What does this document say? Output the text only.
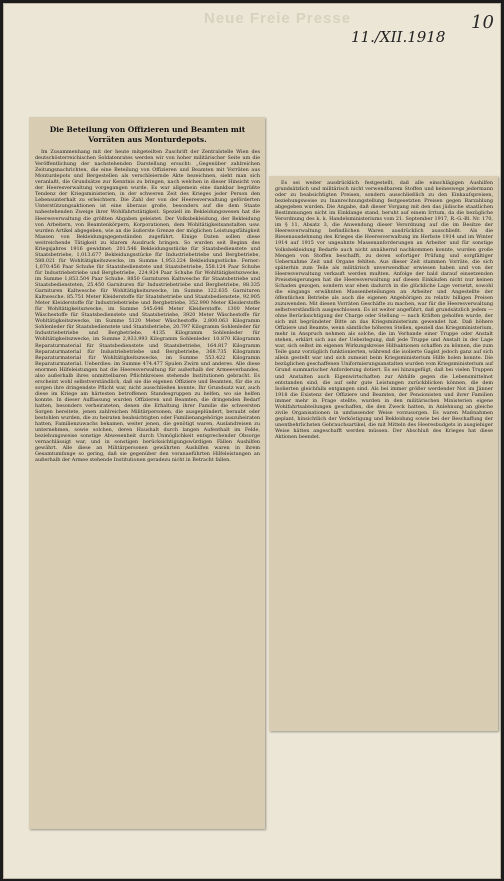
Neue Freie Presse
11./XII.1918
10
Die Beteilung von Offizieren und Beamten mit Vorräten aus Monturdepots.

Im Zusammenhang mit der heute mitgeteilten Zuschrift der Zentralstelle Wien des deutschösterreichischen Soldatenrates werden wir von hoher militärischer Seite um die Veröffentlichung der nachstehenden Darstellung ersucht: „Gegenüber zahlreichen Zeitungsnachrichten, die eine Beteilung von Offizieren und Beamten mit Vorräten aus Monturdepots und Bergestellen als verschleiernde Akte bezeichnen, sieht man sich veranlaßt, die Grundsätze zur Kenntnis zu bringen, nach welchen in dieser Hinsicht von der Heeresverwaltung vorgegangen wurde. Es war allgemein eine dankbar begrüßte Tendenz der Kriegsministerien, in der schweren Zeit des Krieges jeder Person den Lebensunterhalt zu erleichtern. Die Zahl der von der Heeresverwaltung geförderten Unterstützungsaktionen ist eine überaus große, besonders auf die dem Staate nahestehenden Zweige ihrer Wohlfahrtstätigkeit. Speziell im Bekleidungswesen hat die Heeresverwaltung die größten Abgaben geleistet. Der Volksbekleidung, der Bekleidung von Arbeitern, von Beamtenkörpern, Korporationen, dem Wohltätigkeitsanstalten usw. wurden Artikel abgegeben, wie an die äußerste Grenze der möglichen Leistungsfähigkeit Massen von Bekleidungsgegenständen zugeführt. Einige Daten sollen diese weitreichende Tätigkeit zu klarem Ausdruck bringen. So wurden seit Beginn des Kriegsjahres 1916 gewidmet: 201.546 Bekleidungsstücke für Staatsbedienstete und Staatsbetriebe, 1,013.677 Bekleidungsstücke für Industriebetriebe und Bergbetriebe, 588.021 für Wohltätigkeitszwecke, im Summe 1,953.224 Bekleidungsstücke. Ferner: 1,070.456 Paar Schuhe für Staatsbedienstete und Staatsbetriebe, 558.124 Paar Schuhe für Industriebetriebe und Bergbetriebe, 224.924 Paar Schuhe für Wohltätigkeitszwecke, im Summe 1,853.504 Paar Schuhe. 8850 Garnituren Kaltwesche für Staatsbetriebe und Staatsbediensteten, 25.450 Garnituren für Industriebetriebe und Bergbetriebe, 88.335 Garnituren Kaltwesche für Wohltätigkeitszwecke, im Summe 122.635 Garnituren Kaltwesche. 85.751 Meter Kleiderstoffe für Staatsbetriebe und Staatsbedienstete, 92.905 Meter Kleiderstoffe für Industriebetriebe und Bergbetriebe, 352.990 Meter Kleiderstoffe für Wohltätigkeitszwecke, im Summe 545.646 Meter Kleiderstoffe. 1300 Meter Wäschestoffe für Staatsbedienstete und Staatsbetriebe, 3920 Meter Wäschestoffe für Wohltätigkeitszwecke, im Summe 5120 Meter Wäschestoffe. 2,800.063 Kilogramm Sohlenleder für Staatsbedienstete und Staatsbetriebe, 20.797 Kilogramm Sohlenleder für Industriebetriebe und Bergbetriebe, 4135 Kilogramm Sohlenleder für Wohltätigkeitszwecke, im Summe 2,933.993 Kilogramm Sohlenleder. 10.870 Kilogramm Reparaturmaterial für Staatsbedienstete und Staatsbetriebe, 164.817 Kilogramm Reparaturmaterial für Industriebetriebe und Bergbetriebe, 368.735 Kilogramm Reparaturmaterial für Wohltätigkeitszwecke, im Summe 553.422 Kilogramm Reparaturmaterial. Ueberdies: im Summe 474.477 Spulen Zwirn und anderes. Alle diese enormen Hilfeleistungen hat die Heeresverwaltung für außerhalb der Armeeverbandes, also außerhalb ihres unmittelbaren Pflichtkreises stehende Institutionen gebracht. Es erscheint wohl selbstverständlich, daß sie die eigenen Offiziere und Beamten, für die zu sorgen ihre dringendste Pflicht war, nicht ausschließen konnte. Ihr Grundsatz war, auch diese im Kriege am härtesten betroffenen Standesgruppen zu helfen, wo sie helfen konnte. In dieser Auffassung wurden Offizieren und Beamten, die dringenden Bedarf hatten, besonders verheirateten, denen die Erhaltung ihrer Familie die schwersten Sorgen bereitete, jenen zahlreichen Militärpersonen, die ausgeplündert, beraubt oder bestohlen wurden, die zu heiraten beabsichtigten oder Familienangehörige auszuheiraten hatten, Familienzuwachs bekamen, weiter jenen, die genötigt waren, Auslandreisen zu unternehmen, sowie solchen, deren Haushalt durch langen Aufenthalt im Felde, beziehungsweise sonstige Abwesenheit durch Unmöglichkeit entsprechender Obsorge vernachlässigt war, und in sonstigen berücksichtigungswürdigen Fällen Aushilfen gewährt. Alle diese an Militärpersonen gewährten Aushilfen waren in ihrem Gesamtumfange so gering, daß sie gegenüber den voranaeführten Hilfeleistungen an außerhalb der Armee stehende Institutionen geradezu nicht in Betracht fallen.

Es sei weiter ausdrücklich festgestellt, daß alle einschlägigen Aushilfen grundsätzlich und militärisch nicht verwendbarem Stoffen und keineswegs jedermann oder zu beabsichtigten Preisen, sondern ausschließlich zu den Einkaufspreisen, beziehungsweise zu Inanrechnungstellung festgesetzten Preisen gegen Barzahlung abgegeben wurden. Die Angabe, daß dieser Vorgang mit den das jüdische staatlichen Bestimmungen nicht im Einklange stand, beruht auf einem Irrtum, da die bezügliche Verordnung des k. k. Handelsministeriums vom 21. September 1917, R.-G.-Bl. Nr. 170, im § 11, Absatz 3, die Anwendung dieser Verordnung auf die im Besitze der Heeresverwaltung befindlichen Waren ausdrücklich ausschließt. Als die Riesenausdehnung des Krieges die Heeresverwaltung im Herbste 1914 und im Winter 1914 auf 1915 vor ungeahnte Massenanforderungen an Arbeiter und für sonstige Volksbekleidung Bedarfe auch nicht annähernd nachkommen konnte, wurden große Mengen von Stoffen beschafft, zu deren sofortiger Prüfung und sorgfältiger Uebernahme Zeit und Organe fehlten. Aus dieser Zeit stammen Vorräte, die sich späterhin zum Teile als militärisch unverwendbar erwiesen haben und von der Heeresverwaltung verkauft werden mußten. Anfolge der bald darauf einsetzenden Preissteigerungen hat die Heeresverwaltung auf diesen Einkäufen nicht nur keinen Schaden gezogen, sondern war eben dadurch in die glückliche Lage versetzt, sowohl die eingangs erwähnten Massenbeteilungen an Arbeiter und Angestellte der öffentlichen Betriebe als auch die eigenen Angehörigen zu relativ billigen Preisen zuzuwenden. Mit diesen Vorräten Geschäfte zu machen, war für die Heeresverwaltung selbstverständlich ausgeschlossen. Es ist weiter angeführt, daß grundsätzlich jedem — ohne Berücksichtigung der Charge oder Stellung — nach Kräften geholfen wurde, der sich mit begründeter Bitte an das Kriegsministerium gewendet hat. Daß höhere Offiziere und Beamte, wenn sämtliche höheren Stellen, speziell das Kriegsministerium, mehr in Anspruch nehmen als solche, die im Verbande einer Truppe oder Anstalt stehen, erklärt sich aus der Ueberlegung, daß jede Truppe und Anstalt in der Lage war, sich selbst im eigenen Wirkungskreise Hilfsaktionen schaffen zu können, die zum Teile ganz vorzüglich funktionierten, während die isolierte Gagist jedoch ganz auf sich allein gestellt war und sich zumeist beim Kriegsministerium Hilfe holen konnte. Die bezüglichen geschaffenen Uniformierungsanstalten wurden vom Kriegsministerium auf Grund summarischer Anforderung dotiert. Es sei hinzugefügt, daß bei vielen Truppen und Anstalten auch Eigenwirtschaften zur Abhilfe gegen die Lebensmittelnot entstanden sind, die auf sehr gute Leistungen zurückblicken können, die dem Isolierten gleichfalls entgangen sind. Als bei immer größer werdender Not im Jänner 1918 die Existenz der Offiziere und Beamten, der Pensionisten und ihrer Familien immer mehr in Frage stellte, wurden in den militärischen Ministerien eigene Wohlfahrtsabteilungen geschaffen, die den Zweck hatten, in Anlehnung an gleiche zivile Organisationen in umfassender Weise vorzusorgen. Es waren Maßnahmen geplant, hinsichtlich der Verköstigung und Bekleidung sowie bei der Beschaffung der unentbehrlichsten Gebrauchsartikel, die mit Mitteln des Heeresbudgets in ausgiebiger Weise hätten angeschafft werden müssen. Der Abschluß des Krieges hat diese Aktionen beendet.
